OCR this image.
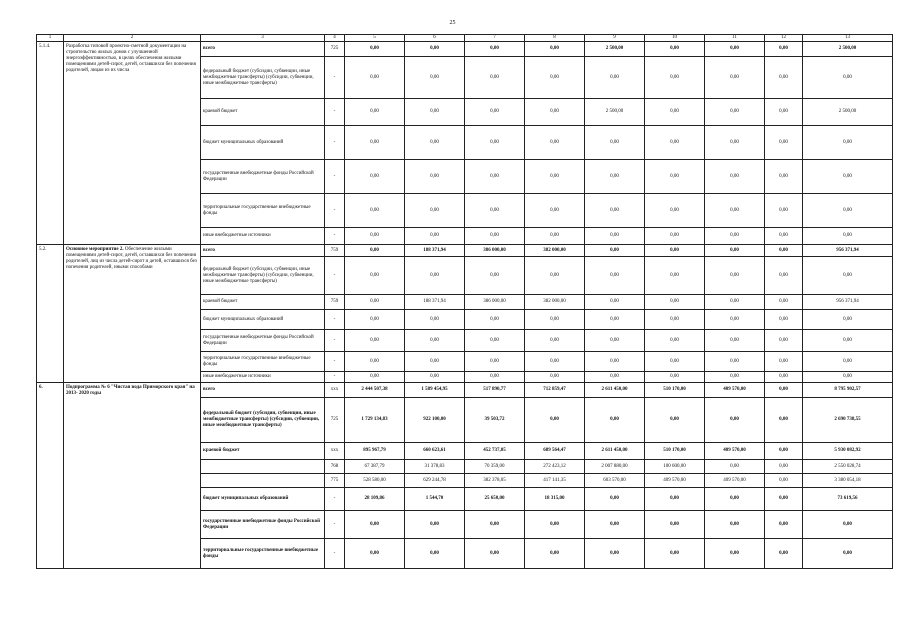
25
1	2	3	4	5	6	7	8	9	10	11	12	13
5.1.4.	Разработка типовой проектно-сметной документации на строительство жилых домов с улучшенной энергоэффективностью, в целях обеспечения жилыми помещениями детей-сирот, детей, оставшихся без попечения родителей, лицам из их числа	всего	725	0,00	0,00	0,00	0,00	2 500,00	0,00	0,00	0,00	2 500,00
		федеральный бюджет (субсидии, субвенции, иные межбюджетные трансферты) (субсидии, субвенции, иные межбюджетные трансферты)	-	0,00	0,00	0,00	0,00	0,00	0,00	0,00	0,00	0,00
		краевой бюджет	-	0,00	0,00	0,00	0,00	2 500,00	0,00	0,00	0,00	2 500,00
		бюджет муниципальных образований	-	0,00	0,00	0,00	0,00	0,00	0,00	0,00	0,00	0,00
		государственные внебюджетные фонды Российской Федерации	-	0,00	0,00	0,00	0,00	0,00	0,00	0,00	0,00	0,00
		территориальные государственные внебюджетные фонды	-	0,00	0,00	0,00	0,00	0,00	0,00	0,00	0,00	0,00
		иные внебюджетные источники	-	0,00	0,00	0,00	0,00	0,00	0,00	0,00	0,00	0,00
5.2.	Основное мероприятие 2. Обеспечение жилыми помещениями детей-сирот, детей, оставшихся без попечения родителей, лиц из числа детей-сирот и детей, оставшихся без попечения родителей, иными способами	всего	759	0,00	188 371,94	386 000,00	382 000,00	0,00	0,00	0,00	0,00	956 371,94
		федеральный бюджет (субсидии, субвенции, иные межбюджетные трансферты) (субсидии, субвенции, иные межбюджетные трансферты)	-	0,00	0,00	0,00	0,00	0,00	0,00	0,00	0,00	0,00
		краевой бюджет	759	0,00	188 371,94	386 000,00	382 000,00	0,00	0,00	0,00	0,00	956 371,94
		бюджет муниципальных образований	-	0,00	0,00	0,00	0,00	0,00	0,00	0,00	0,00	0,00
		государственные внебюджетные фонды Российской Федерации	-	0,00	0,00	0,00	0,00	0,00	0,00	0,00	0,00	0,00
		территориальные государственные внебюджетные фонды	-	0,00	0,00	0,00	0,00	0,00	0,00	0,00	0,00	0,00
		иные внебюджетные источники	-	0,00	0,00	0,00	0,00	0,00	0,00	0,00	0,00	0,00
6.	Подпрограмма № 6 "Чистая вода Приморского края" на 2013- 2020 годы	всего	xxx	2 444 507,38	1 589 454,95	517 890,77	712 859,47	2 611 450,00	510 170,00	409 570,00	0,00	8 795 902,57
		федеральный бюджет (субсидии, субвенции, иные межбюджетные трансферты) (субсидии, субвенции, иные межбюджетные трансферты)	725	1 729 134,83	922 100,00	39 503,72	0,00	0,00	0,00	0,00	0,00	2 690 738,55
		краевой бюджет	xxx	895 967,79	660 623,61	452 737,05	689 564,47	2 611 450,00	510 170,00	409 570,00	0,00	5 930 082,92
			768	67 387,79	31 378,83	70 359,00	272 423,12	2 007 880,00	100 600,00	0,00	0,00	2 550 028,74
			775	528 580,00	629 244,78	382 378,05	417 141,35	603 570,00	409 570,00	409 570,00	0,00	3 380 054,18
		бюджет муниципальных образований	-	28 109,86	1 544,70	25 650,00	18 315,00	0,00	0,00	0,00	0,00	73 619,56
		государственные внебюджетные фонды Российской Федерации	-	0,00	0,00	0,00	0,00	0,00	0,00	0,00	0,00	0,00
		территориальные государственные внебюджетные фонды	-	0,00	0,00	0,00	0,00	0,00	0,00	0,00	0,00	0,00
